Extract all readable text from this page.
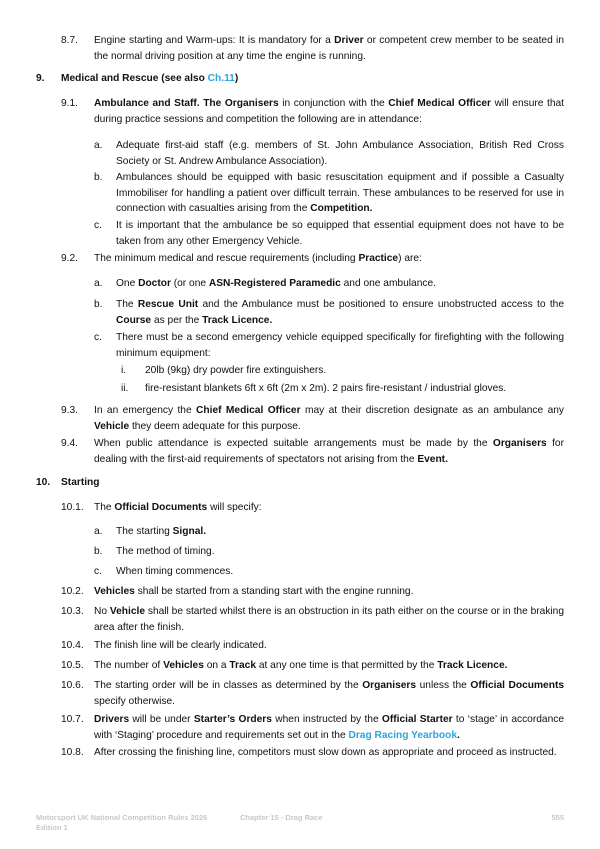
8.7. Engine starting and Warm-ups: It is mandatory for a Driver or competent crew member to be seated in the normal driving position at any time the engine is running.
9. Medical and Rescue (see also Ch.11)
9.1. Ambulance and Staff. The Organisers in conjunction with the Chief Medical Officer will ensure that during practice sessions and competition the following are in attendance:
a. Adequate first-aid staff (e.g. members of St. John Ambulance Association, British Red Cross Society or St. Andrew Ambulance Association).
b. Ambulances should be equipped with basic resuscitation equipment and if possible a Casualty Immobiliser for handling a patient over difficult terrain. These ambulances to be reserved for use in connection with casualties arising from the Competition.
c. It is important that the ambulance be so equipped that essential equipment does not have to be taken from any other Emergency Vehicle.
9.2. The minimum medical and rescue requirements (including Practice) are:
a. One Doctor (or one ASN-Registered Paramedic and one ambulance.
b. The Rescue Unit and the Ambulance must be positioned to ensure unobstructed access to the Course as per the Track Licence.
c. There must be a second emergency vehicle equipped specifically for firefighting with the following minimum equipment:
i. 20lb (9kg) dry powder fire extinguishers.
ii. fire-resistant blankets 6ft x 6ft (2m x 2m). 2 pairs fire-resistant / industrial gloves.
9.3. In an emergency the Chief Medical Officer may at their discretion designate as an ambulance any Vehicle they deem adequate for this purpose.
9.4. When public attendance is expected suitable arrangements must be made by the Organisers for dealing with the first-aid requirements of spectators not arising from the Event.
10. Starting
10.1. The Official Documents will specify:
a. The starting Signal.
b. The method of timing.
c. When timing commences.
10.2. Vehicles shall be started from a standing start with the engine running.
10.3. No Vehicle shall be started whilst there is an obstruction in its path either on the course or in the braking area after the finish.
10.4. The finish line will be clearly indicated.
10.5. The number of Vehicles on a Track at any one time is that permitted by the Track Licence.
10.6. The starting order will be in classes as determined by the Organisers unless the Official Documents specify otherwise.
10.7. Drivers will be under Starter’s Orders when instructed by the Official Starter to ‘stage’ in accordance with ‘Staging’ procedure and requirements set out in the Drag Racing Yearbook.
10.8. After crossing the finishing line, competitors must slow down as appropriate and proceed as instructed.
Motorsport UK National Competition Rules 2026
Edition 1
Chapter 15 - Drag Race	555
